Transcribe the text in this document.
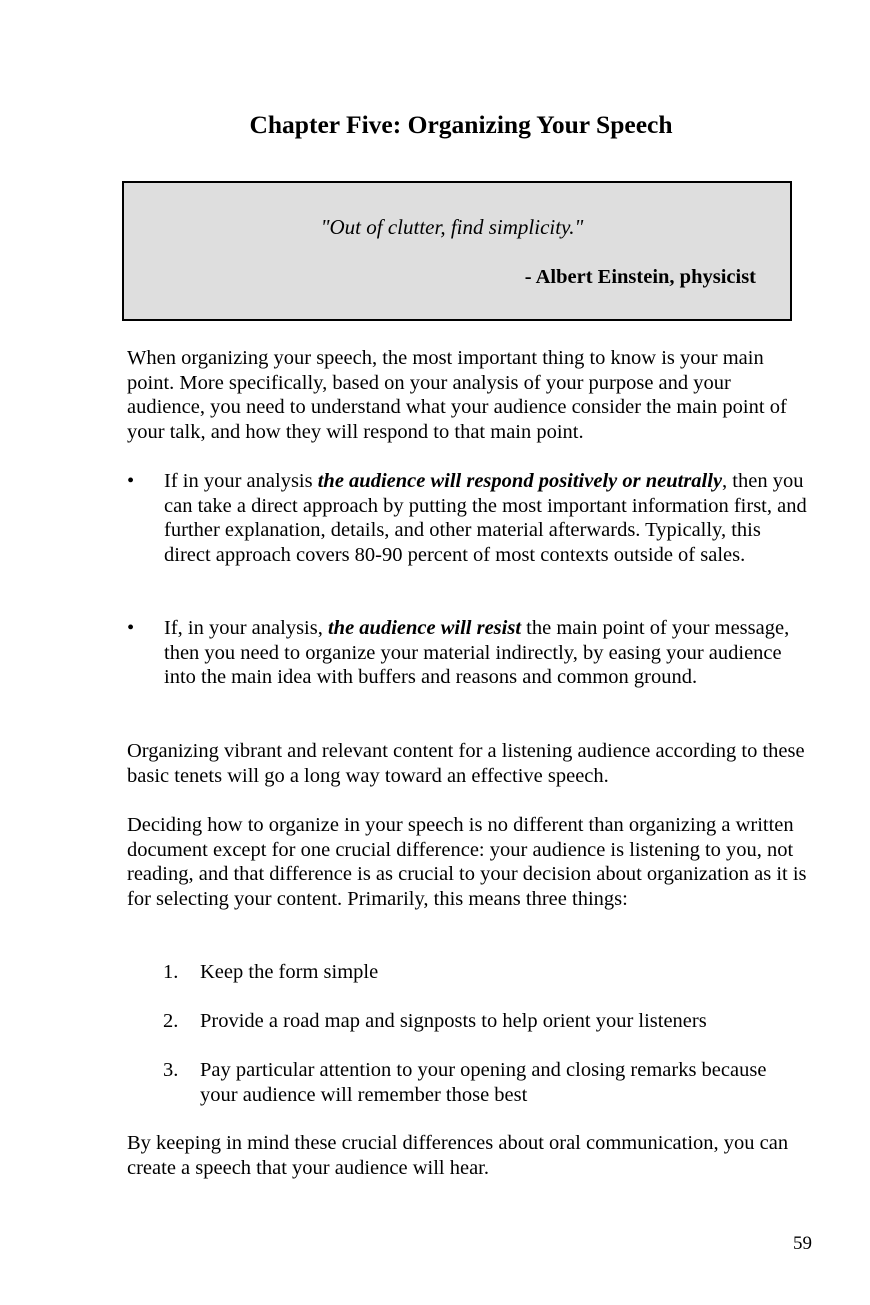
Chapter Five: Organizing Your Speech
"Out of clutter, find simplicity."
- Albert Einstein, physicist

When organizing your speech, the most important thing to know is your main point. More specifically, based on your analysis of your purpose and your audience, you need to understand what your audience consider the main point of your talk, and how they will respond to that main point.

•	If in your analysis the audience will respond positively or neutrally, then you can take a direct approach by putting the most important information first, and further explanation, details, and other material afterwards. Typically, this direct approach covers 80-90 percent of most contexts outside of sales.
•	If, in your analysis, the audience will resist the main point of your message, then you need to organize your material indirectly, by easing your audience into the main idea with buffers and reasons and common ground.

Organizing vibrant and relevant content for a listening audience according to these basic tenets will go a long way toward an effective speech.

Deciding how to organize in your speech is no different than organizing a written document except for one crucial difference: your audience is listening to you, not reading, and that difference is as crucial to your decision about organization as it is for selecting your content. Primarily, this means three things:

1.	Keep the form simple
2.	Provide a road map and signposts to help orient your listeners
3.	Pay particular attention to your opening and closing remarks because your audience will remember those best

By keeping in mind these crucial differences about oral communication, you can create a speech that your audience will hear.

59
